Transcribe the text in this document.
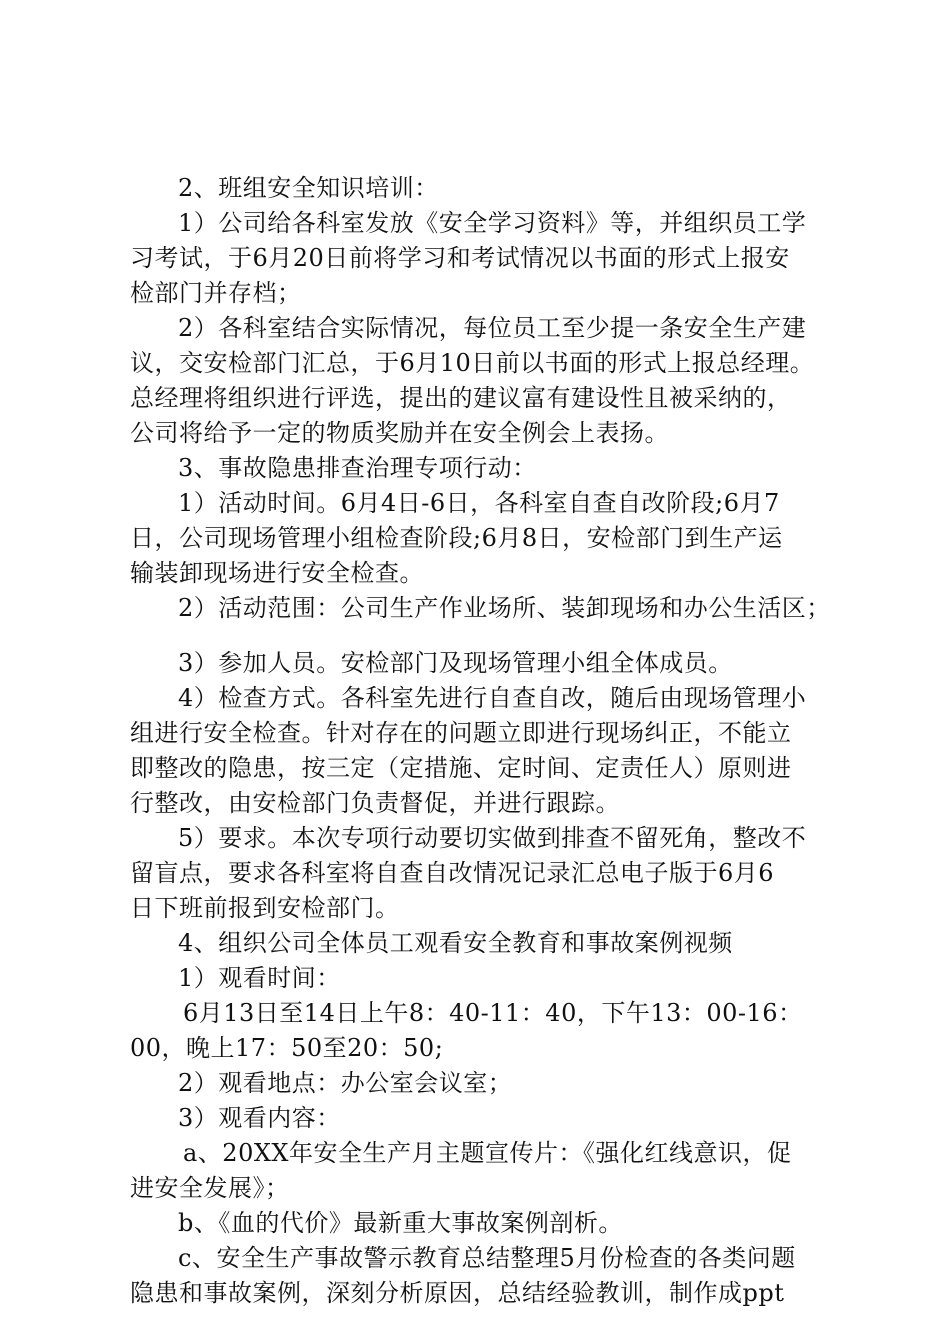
2、班组安全知识培训：
1）公司给各科室发放《安全学习资料》等，并组织员工学
习考试，于6月20日前将学习和考试情况以书面的形式上报安
检部门并存档；
2）各科室结合实际情况，每位员工至少提一条安全生产建
议，交安检部门汇总，于6月10日前以书面的形式上报总经理。
总经理将组织进行评选，提出的建议富有建设性且被采纳的，
公司将给予一定的物质奖励并在安全例会上表扬。
3、事故隐患排查治理专项行动：
1）活动时间。6月4日-6日，各科室自查自改阶段;6月7
日，公司现场管理小组检查阶段;6月8日，安检部门到生产运
输装卸现场进行安全检查。
2）活动范围：公司生产作业场所、装卸现场和办公生活区；
3）参加人员。安检部门及现场管理小组全体成员。
4）检查方式。各科室先进行自查自改，随后由现场管理小
组进行安全检查。针对存在的问题立即进行现场纠正，不能立
即整改的隐患，按三定（定措施、定时间、定责任人）原则进
行整改，由安检部门负责督促，并进行跟踪。
5）要求。本次专项行动要切实做到排查不留死角，整改不
留盲点，要求各科室将自查自改情况记录汇总电子版于6月6
日下班前报到安检部门。
4、组织公司全体员工观看安全教育和事故案例视频
1）观看时间：
6月13日至14日上午8：40-11：40，下午13：00-16：
00，晚上17：50至20：50;
2）观看地点：办公室会议室；
3）观看内容：
a、20XX年安全生产月主题宣传片：《强化红线意识，促
进安全发展》；
b、《血的代价》最新重大事故案例剖析。
c、安全生产事故警示教育总结整理5月份检查的各类问题
隐患和事故案例，深刻分析原因，总结经验教训，制作成ppt
